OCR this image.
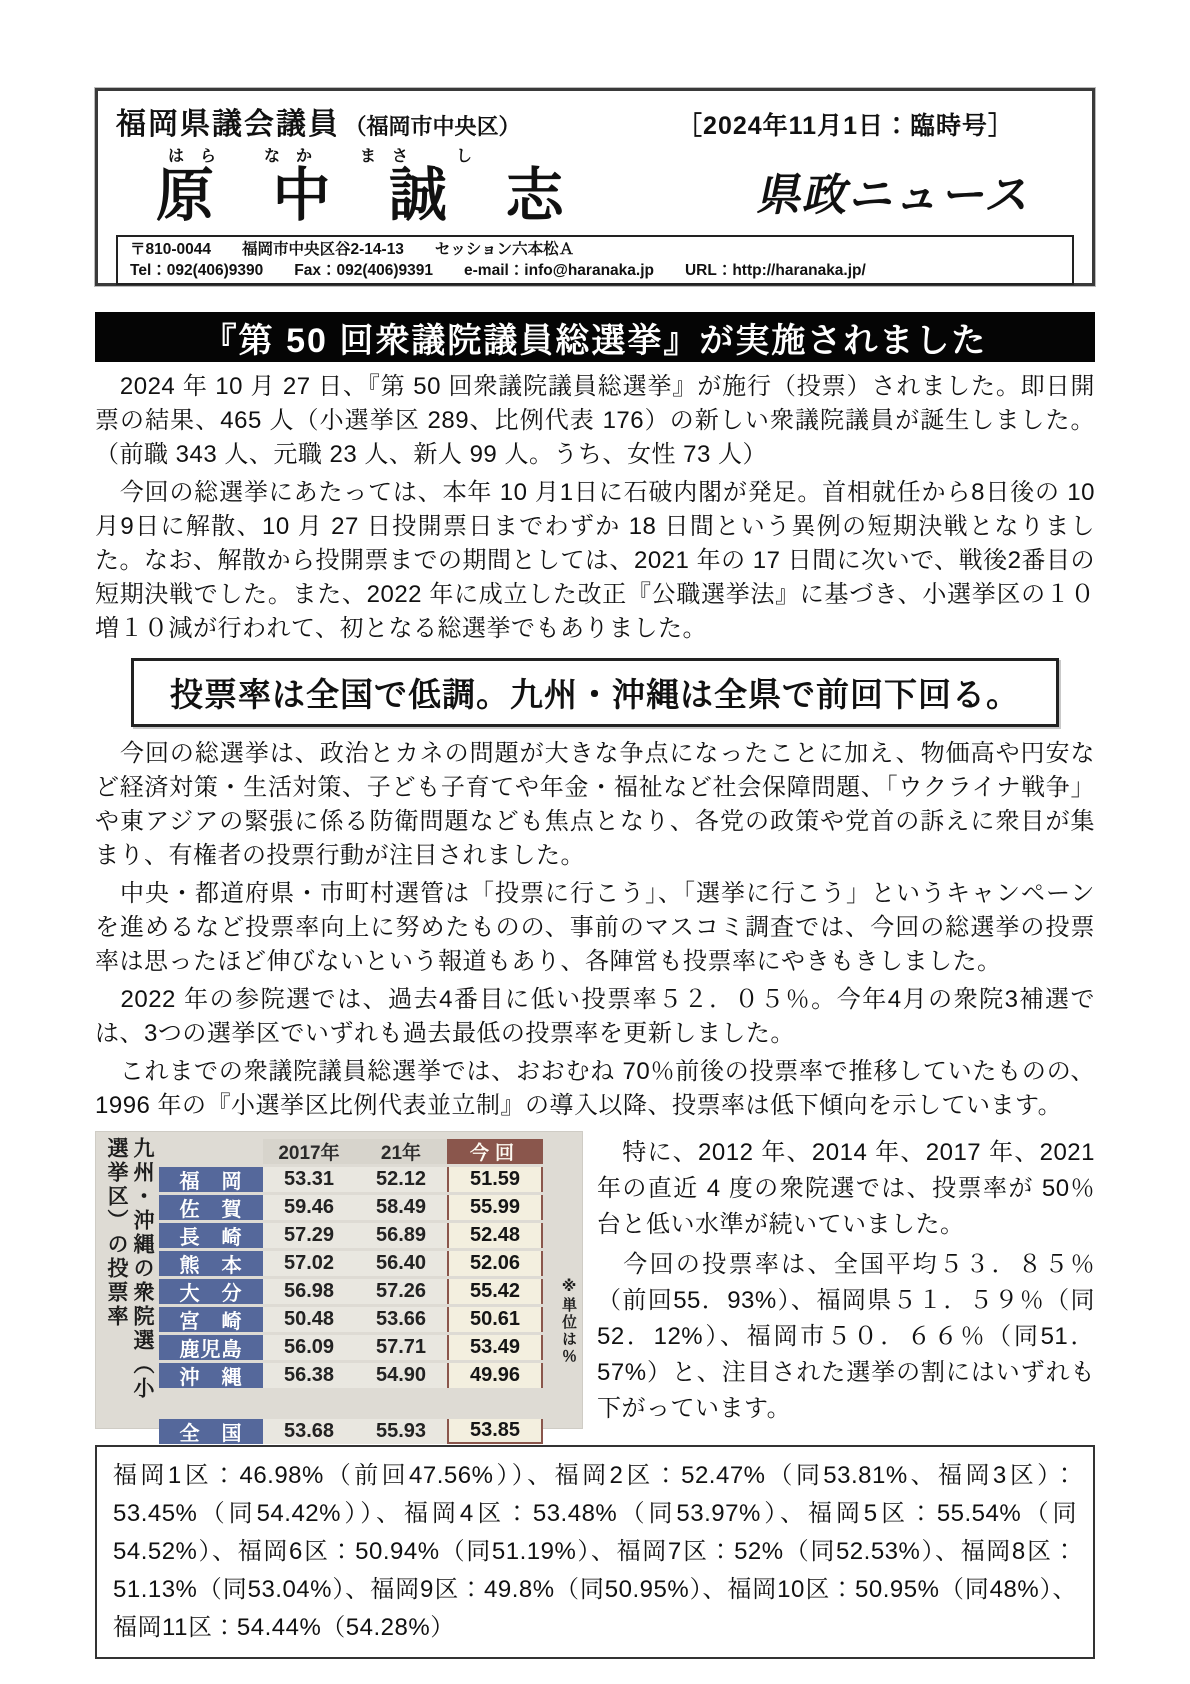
福岡県議会議員 （福岡市中央区）	［2024年11月1日：臨時号］
はら　なか　まさ　し
原 中 誠 志	県政ニュース
〒810-0044　　福岡市中央区谷2-14-13　　セッション六本松Ａ
Tel：092(406)9390　　Fax：092(406)9391　　e-mail：info@haranaka.jp　　URL：http://haranaka.jp/
『第 50 回衆議院議員総選挙』が実施されました

　2024 年 10 月 27 日、『第 50 回衆議院議員総選挙』が施行（投票）されました。即日開票の結果、465 人（小選挙区 289、比例代表 176）の新しい衆議院議員が誕生しました。（前職 343 人、元職 23 人、新人 99 人。うち、女性 73 人）

　今回の総選挙にあたっては、本年 10 月1日に石破内閣が発足。首相就任から8日後の 10 月9日に解散、10 月 27 日投開票日までわずか 18 日間という異例の短期決戦となりました。なお、解散から投開票までの期間としては、2021 年の 17 日間に次いで、戦後2番目の短期決戦でした。また、2022 年に成立した改正『公職選挙法』に基づき、小選挙区の１０増１０減が行われて、初となる総選挙でもありました。

投票率は全国で低調。九州・沖縄は全県で前回下回る。

　今回の総選挙は、政治とカネの問題が大きな争点になったことに加え、物価高や円安など経済対策・生活対策、子ども子育てや年金・福祉など社会保障問題、「ウクライナ戦争」や東アジアの緊張に係る防衛問題なども焦点となり、各党の政策や党首の訴えに衆目が集まり、有権者の投票行動が注目されました。

　中央・都道府県・市町村選管は「投票に行こう」、「選挙に行こう」というキャンペーンを進めるなど投票率向上に努めたものの、事前のマスコミ調査では、今回の総選挙の投票率は思ったほど伸びないという報道もあり、各陣営も投票率にやきもきしました。

　2022 年の参院選では、過去4番目に低い投票率５２．０５％。今年4月の衆院3補選では、3つの選挙区でいずれも過去最低の投票率を更新しました。

　これまでの衆議院議員総選挙では、おおむね 70％前後の投票率で推移していたものの、1996 年の『小選挙区比例代表並立制』の導入以降、投票率は低下傾向を示しています。

九州・沖縄の衆院選（小選挙区）の投票率	2017年	21年	今回
福　岡	53.31	52.12	51.59
佐　賀	59.46	58.49	55.99
長　崎	57.29	56.89	52.48
熊　本	57.02	56.40	52.06
大　分	56.98	57.26	55.42
宮　崎	50.48	53.66	50.61
鹿児島	56.09	57.71	53.49
沖　縄	56.38	54.90	49.96
全　国	53.68	55.93	53.85
※単位は％

　特に、2012 年、2014 年、2017 年、2021 年の直近 4 度の衆院選では、投票率が 50％台と低い水準が続いていました。

　今回の投票率は、全国平均５３．８５％（前回55．93%）、福岡県５１．５９％（同52．12%）、福岡市５０．６６％（同51．57%）と、注目された選挙の割にはいずれも下がっています。

福岡1区：46.98%（前回47.56%））、福岡2区：52.47%（同53.81%、福岡3区）：53.45%（同54.42%））、福岡4区：53.48%（同53.97%）、福岡5区：55.54%（同54.52%）、福岡6区：50.94%（同51.19%）、福岡7区：52%（同52.53%）、福岡8区：51.13%（同53.04%）、福岡9区：49.8%（同50.95%）、福岡10区：50.95%（同48%）、福岡11区：54.44%（54.28%）
